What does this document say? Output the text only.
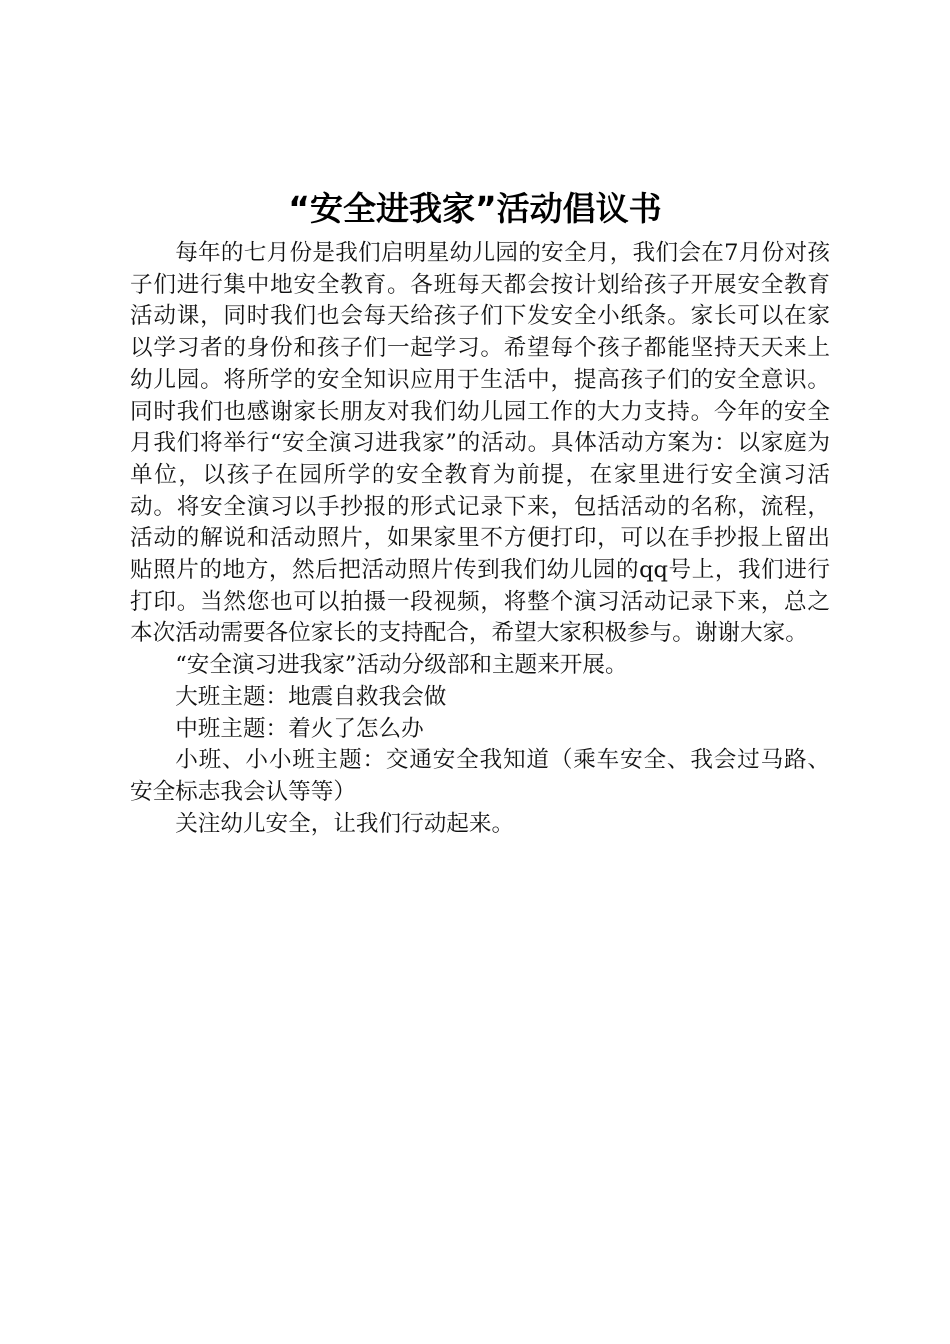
“安全进我家”活动倡议书

每年的七月份是我们启明星幼儿园的安全月，我们会在7月份对孩子们进行集中地安全教育。各班每天都会按计划给孩子开展安全教育活动课，同时我们也会每天给孩子们下发安全小纸条。家长可以在家以学习者的身份和孩子们一起学习。希望每个孩子都能坚持天天来上幼儿园。将所学的安全知识应用于生活中，提高孩子们的安全意识。同时我们也感谢家长朋友对我们幼儿园工作的大力支持。今年的安全月我们将举行“安全演习进我家”的活动。具体活动方案为：以家庭为单位，以孩子在园所学的安全教育为前提，在家里进行安全演习活动。将安全演习以手抄报的形式记录下来，包括活动的名称，流程，活动的解说和活动照片，如果家里不方便打印，可以在手抄报上留出贴照片的地方，然后把活动照片传到我们幼儿园的qq号上，我们进行打印。当然您也可以拍摄一段视频，将整个演习活动记录下来，总之本次活动需要各位家长的支持配合，希望大家积极参与。谢谢大家。

“安全演习进我家”活动分级部和主题来开展。

大班主题：地震自救我会做

中班主题：着火了怎么办

小班、小小班主题：交通安全我知道（乘车安全、我会过马路、安全标志我会认等等）

关注幼儿安全，让我们行动起来。
